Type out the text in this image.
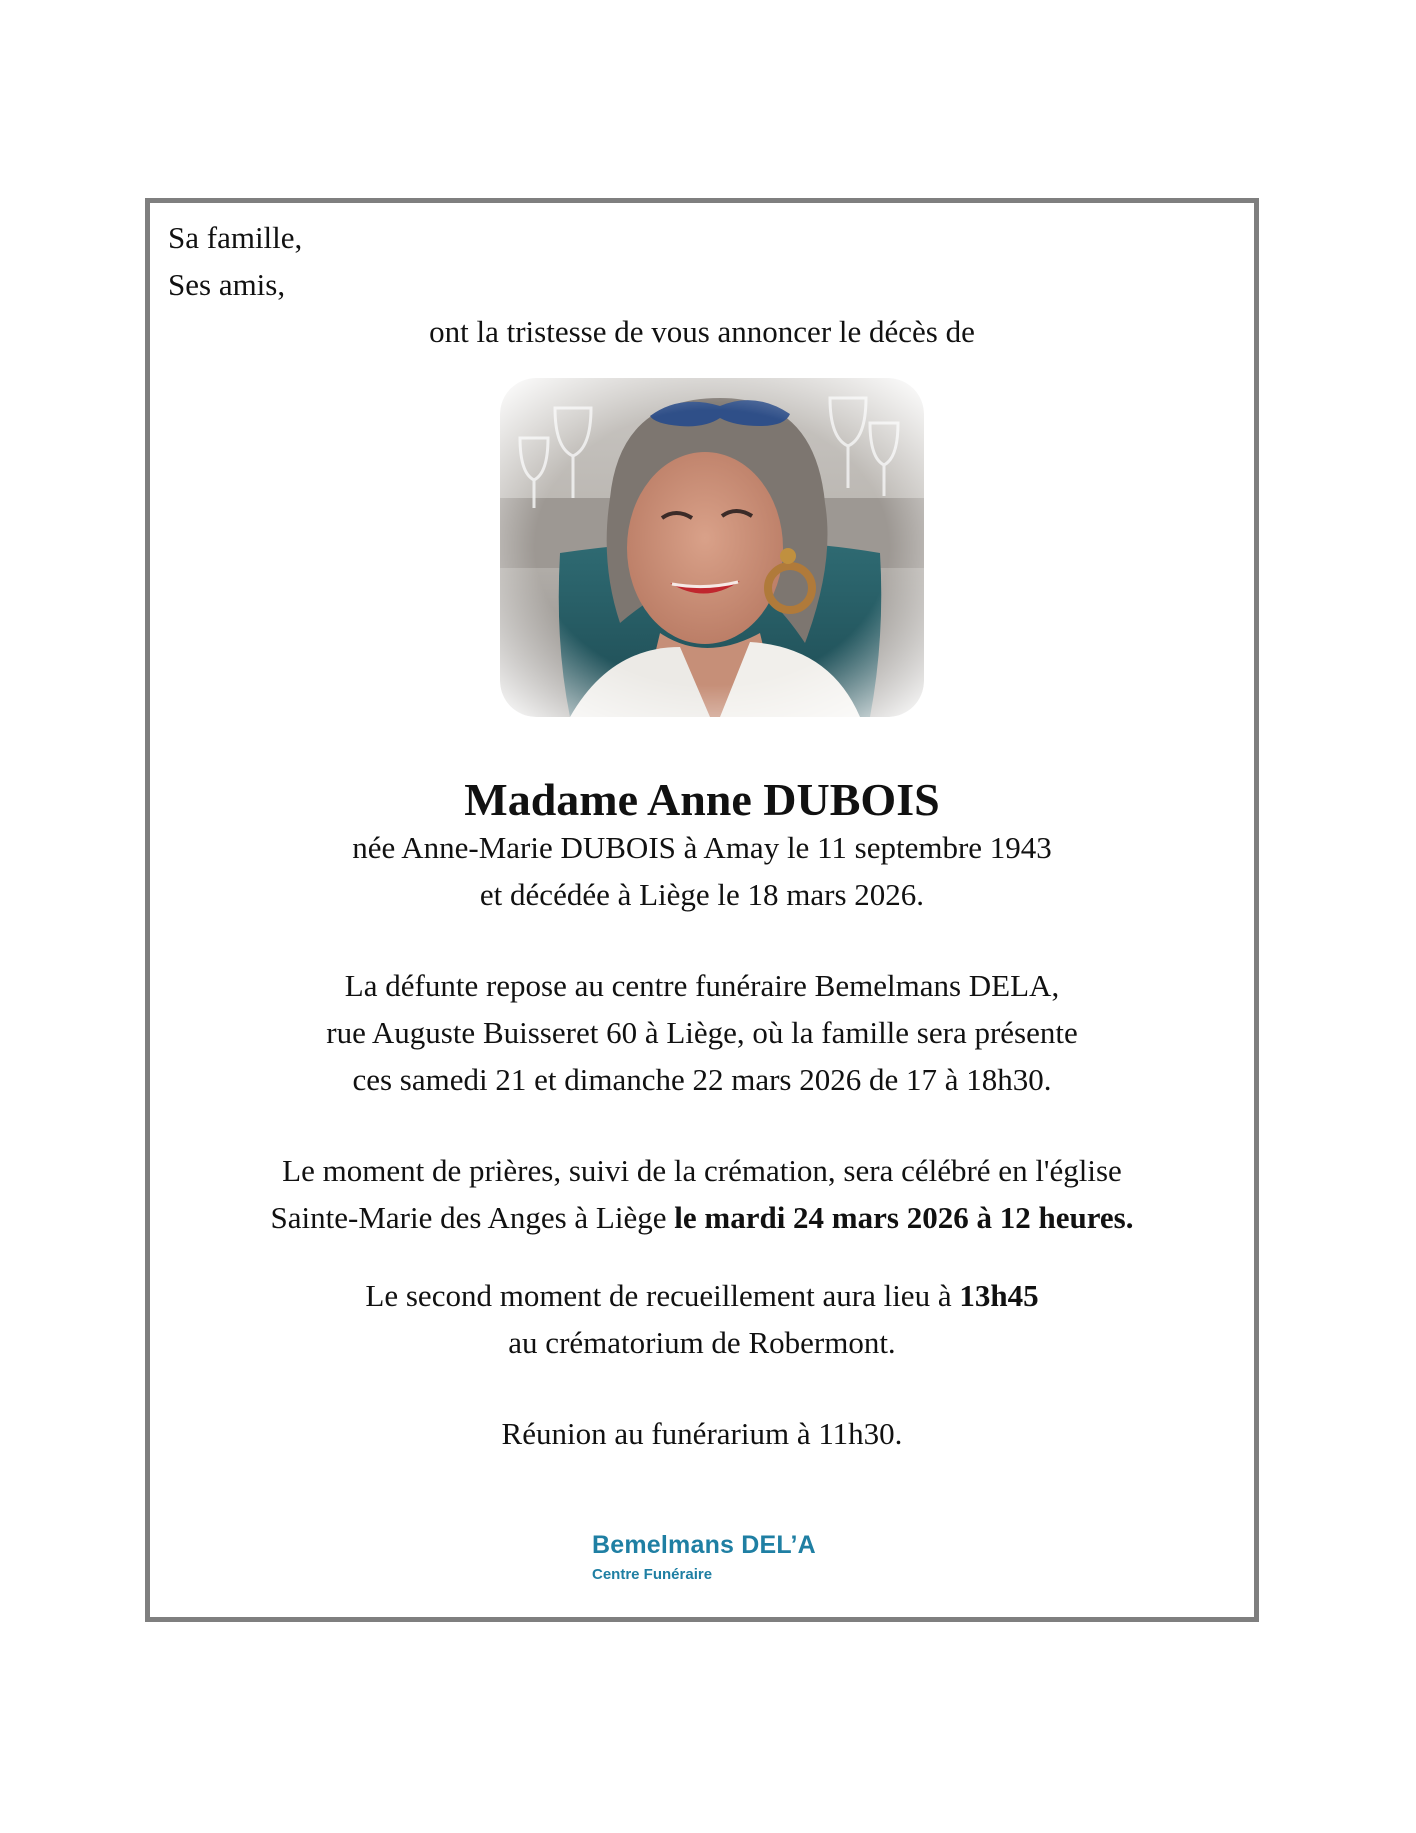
Sa famille,

Ses amis,

ont la tristesse de vous annoncer le décès de

Madame Anne DUBOIS

née Anne-Marie DUBOIS à Amay le 11 septembre 1943

et décédée à Liège le 18 mars 2026.

La défunte repose au centre funéraire Bemelmans DELA,

rue Auguste Buisseret 60 à Liège, où la famille sera présente

ces samedi 21 et dimanche 22 mars 2026 de 17 à 18h30.

Le moment de prières, suivi de la crémation, sera célébré en l'église

Sainte-Marie des Anges à Liège le mardi 24 mars 2026 à 12 heures.

Le second moment de recueillement aura lieu à 13h45

au crématorium de Robermont.

Réunion au funérarium à 11h30.

Bemelmans DEL’A
Centre Funéraire
